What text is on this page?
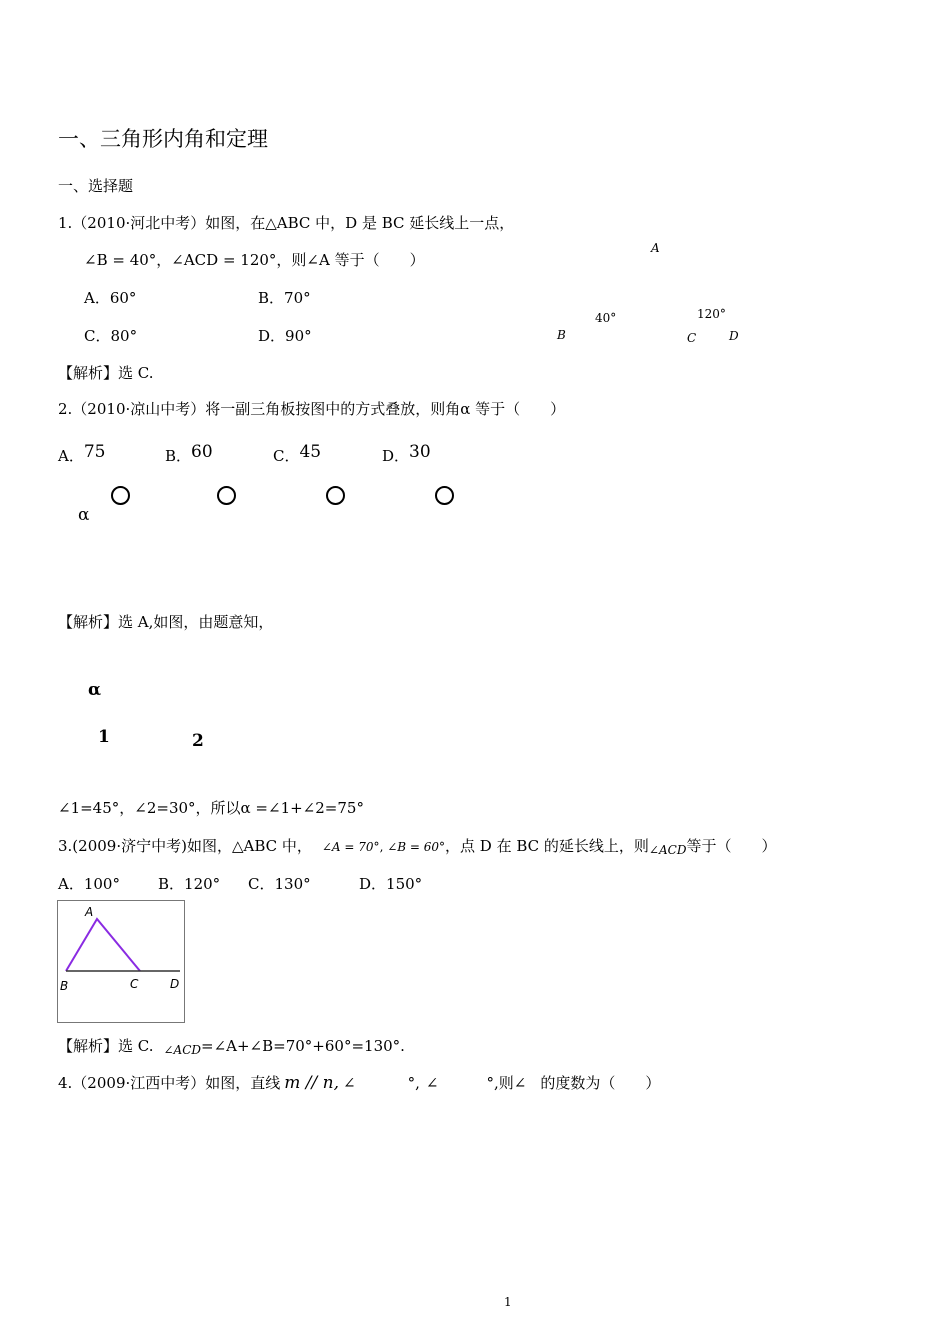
一、三角形内角和定理
一、选择题
1.（2010·河北中考）如图，在△ABC 中，D 是 BC 延长线上一点，
∠B = 40°，∠ACD = 120°，则∠A 等于（　　）
A．60°	B．70°
C．80°	D．90°
A
40°	120°
B	C	D
【解析】选 C.
2.（2010·凉山中考）将一副三角板按图中的方式叠放，则角α 等于（　　）
A．75	B．60	C．45	D．30
α
【解析】选 A,如图，由题意知，
α
1	2
∠1=45°，∠2=30°，所以α =∠1+∠2=75°
3.(2009·济宁中考)如图，△ABC 中， ∠A = 70°, ∠B = 60°，点 D 在 BC 的延长线上，则$_{\angle ACD}$等于（　　）
A．100°	B．120° C．130°	D．150°
A
B	C	D
【解析】选 C. $_{\angle ACD}$=∠A+∠B=70°+60°=130°.
4.（2009·江西中考）如图，直线 m // n, ∠	°, ∠	°,则∠ 的度数为（　　）
1
